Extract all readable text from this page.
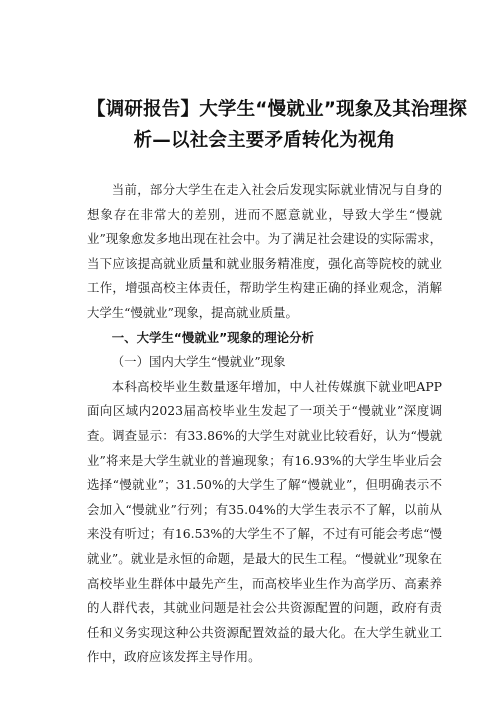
【调研报告】大学生“慢就业”现象及其治理探
析—以社会主要矛盾转化为视角

当前，部分大学生在走入社会后发现实际就业情况与自身的想象存在非常大的差别，进而不愿意就业，导致大学生“慢就业”现象愈发多地出现在社会中。为了满足社会建设的实际需求，当下应该提高就业质量和就业服务精准度，强化高等院校的就业工作，增强高校主体责任，帮助学生构建正确的择业观念，消解大学生“慢就业”现象，提高就业质量。

一、大学生“慢就业”现象的理论分析

（一）国内大学生“慢就业”现象

本科高校毕业生数量逐年增加，中人社传媒旗下就业吧APP面向区域内2023届高校毕业生发起了一项关于“慢就业”深度调查。调查显示：有33.86%的大学生对就业比较看好，认为“慢就业”将来是大学生就业的普遍现象；有16.93%的大学生毕业后会选择“慢就业”；31.50%的大学生了解“慢就业”，但明确表示不会加入“慢就业”行列；有35.04%的大学生表示不了解，以前从来没有听过；有16.53%的大学生不了解，不过有可能会考虑“慢就业”。就业是永恒的命题，是最大的民生工程。“慢就业”现象在高校毕业生群体中最先产生，而高校毕业生作为高学历、高素养的人群代表，其就业问题是社会公共资源配置的问题，政府有责任和义务实现这种公共资源配置效益的最大化。在大学生就业工作中，政府应该发挥主导作用。
